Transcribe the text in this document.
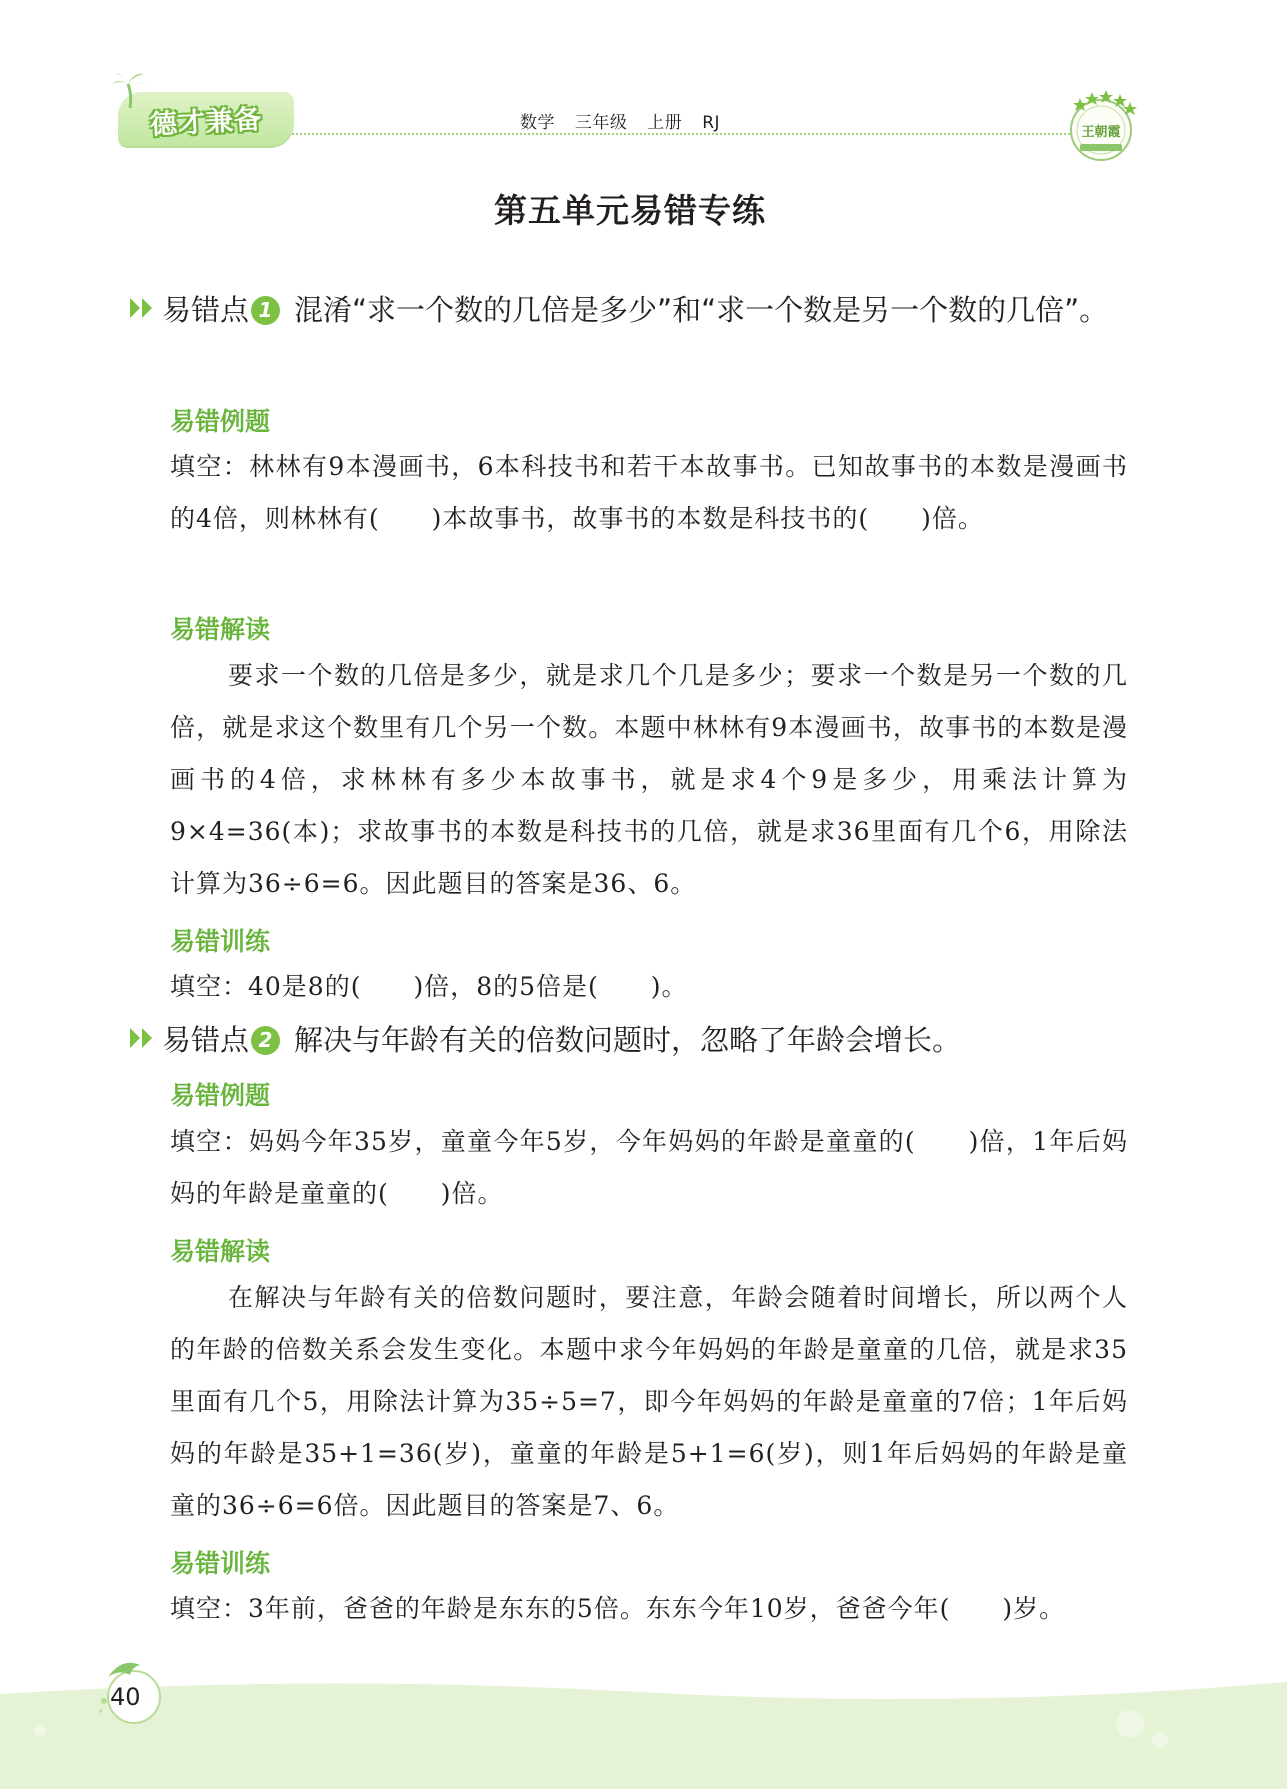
德才兼备	数学 三年级 上册 RJ	王朝霞
第五单元易错专练
易错点 1 混淆“求一个数的几倍是多少”和“求一个数是另一个数的几倍”。
易错例题
填空：林林有9本漫画书，6本科技书和若干本故事书。已知故事书的本数是漫画书的4倍，则林林有(　　)本故事书，故事书的本数是科技书的(　　)倍。
易错解读
要求一个数的几倍是多少，就是求几个几是多少；要求一个数是另一个数的几倍，就是求这个数里有几个另一个数。本题中林林有9本漫画书，故事书的本数是漫画书的4倍，求林林有多少本故事书，就是求4个9是多少，用乘法计算为9×4=36(本)；求故事书的本数是科技书的几倍，就是求36里面有几个6，用除法计算为36÷6=6。因此题目的答案是36、6。
易错训练
填空：40是8的(　　)倍，8的5倍是(　　)。
易错点 2 解决与年龄有关的倍数问题时，忽略了年龄会增长。
易错例题
填空：妈妈今年35岁，童童今年5岁，今年妈妈的年龄是童童的(　　)倍，1年后妈妈的年龄是童童的(　　)倍。
易错解读
在解决与年龄有关的倍数问题时，要注意，年龄会随着时间增长，所以两个人的年龄的倍数关系会发生变化。本题中求今年妈妈的年龄是童童的几倍，就是求35里面有几个5，用除法计算为35÷5=7，即今年妈妈的年龄是童童的7倍；1年后妈妈的年龄是35+1=36(岁)，童童的年龄是5+1=6(岁)，则1年后妈妈的年龄是童童的36÷6=6倍。因此题目的答案是7、6。
易错训练
填空：3年前，爸爸的年龄是东东的5倍。东东今年10岁，爸爸今年(　　)岁。
40
